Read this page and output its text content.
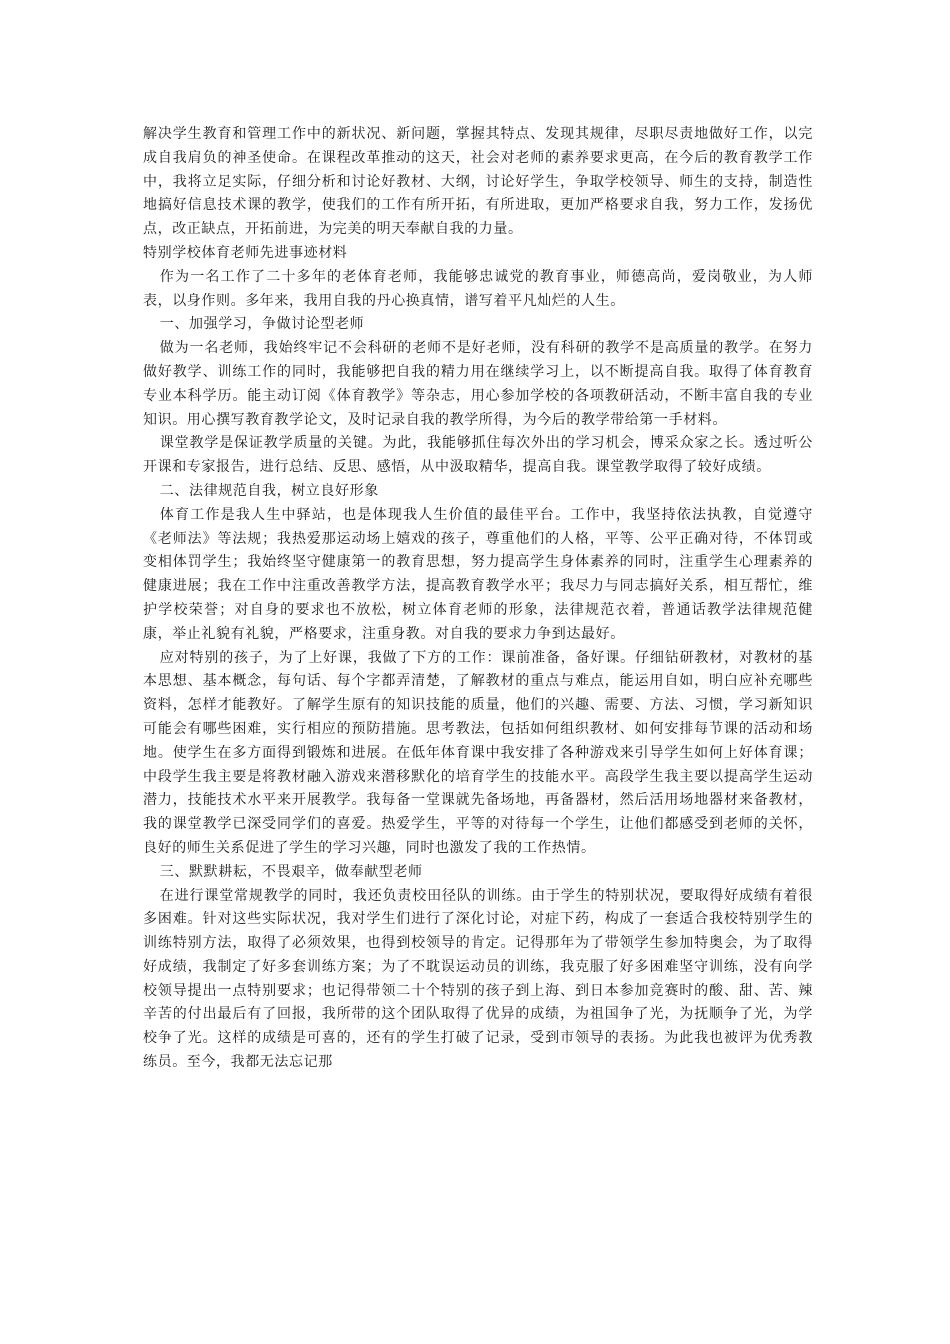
解决学生教育和管理工作中的新状况、新问题，掌握其特点、发现其规律，尽职尽责地做好工作，以完成自我肩负的神圣使命。在课程改革推动的这天，社会对老师的素养要求更高，在今后的教育教学工作中，我将立足实际，仔细分析和讨论好教材、大纲，讨论好学生，争取学校领导、师生的支持，制造性地搞好信息技术课的教学，使我们的工作有所开拓，有所进取，更加严格要求自我，努力工作，发扬优点，改正缺点，开拓前进，为完美的明天奉献自我的力量。

特别学校体育老师先进事迹材料

作为一名工作了二十多年的老体育老师，我能够忠诚党的教育事业，师德高尚，爱岗敬业，为人师表，以身作则。多年来，我用自我的丹心换真情，谱写着平凡灿烂的人生。

一、加强学习，争做讨论型老师

做为一名老师，我始终牢记不会科研的老师不是好老师，没有科研的教学不是高质量的教学。在努力做好教学、训练工作的同时，我能够把自我的精力用在继续学习上，以不断提高自我。取得了体育教育专业本科学历。能主动订阅《体育教学》等杂志，用心参加学校的各项教研活动，不断丰富自我的专业知识。用心撰写教育教学论文，及时记录自我的教学所得，为今后的教学带给第一手材料。

课堂教学是保证教学质量的关键。为此，我能够抓住每次外出的学习机会，博采众家之长。透过听公开课和专家报告，进行总结、反思、感悟，从中汲取精华，提高自我。课堂教学取得了较好成绩。

二、法律规范自我，树立良好形象

体育工作是我人生中驿站，也是体现我人生价值的最佳平台。工作中，我坚持依法执教，自觉遵守《老师法》等法规；我热爱那运动场上嬉戏的孩子，尊重他们的人格，平等、公平正确对待，不体罚或变相体罚学生；我始终坚守健康第一的教育思想，努力提高学生身体素养的同时，注重学生心理素养的健康进展；我在工作中注重改善教学方法，提高教育教学水平；我尽力与同志搞好关系，相互帮忙，维护学校荣誉；对自身的要求也不放松，树立体育老师的形象，法律规范衣着，普通话教学法律规范健康，举止礼貌有礼貌，严格要求，注重身教。对自我的要求力争到达最好。

应对特别的孩子，为了上好课，我做了下方的工作：课前准备，备好课。仔细钻研教材，对教材的基本思想、基本概念，每句话、每个字都弄清楚，了解教材的重点与难点，能运用自如，明白应补充哪些资料，怎样才能教好。了解学生原有的知识技能的质量，他们的兴趣、需要、方法、习惯，学习新知识可能会有哪些困难，实行相应的预防措施。思考教法，包括如何组织教材、如何安排每节课的活动和场地。使学生在多方面得到锻炼和进展。在低年体育课中我安排了各种游戏来引导学生如何上好体育课；中段学生我主要是将教材融入游戏来潜移默化的培育学生的技能水平。高段学生我主要以提高学生运动潜力，技能技术水平来开展教学。我每备一堂课就先备场地，再备器材，然后活用场地器材来备教材，我的课堂教学已深受同学们的喜爱。热爱学生，平等的对待每一个学生，让他们都感受到老师的关怀，良好的师生关系促进了学生的学习兴趣，同时也激发了我的工作热情。

三、默默耕耘，不畏艰辛，做奉献型老师

在进行课堂常规教学的同时，我还负责校田径队的训练。由于学生的特别状况，要取得好成绩有着很多困难。针对这些实际状况，我对学生们进行了深化讨论，对症下药，构成了一套适合我校特别学生的训练特别方法，取得了必须效果，也得到校领导的肯定。记得那年为了带领学生参加特奥会，为了取得好成绩，我制定了好多套训练方案；为了不耽误运动员的训练，我克服了好多困难坚守训练，没有向学校领导提出一点特别要求；也记得带领二十个特别的孩子到上海、到日本参加竞赛时的酸、甜、苦、辣辛苦的付出最后有了回报，我所带的这个团队取得了优异的成绩，为祖国争了光，为抚顺争了光，为学校争了光。这样的成绩是可喜的，还有的学生打破了记录，受到市领导的表扬。为此我也被评为优秀教练员。至今，我都无法忘记那
